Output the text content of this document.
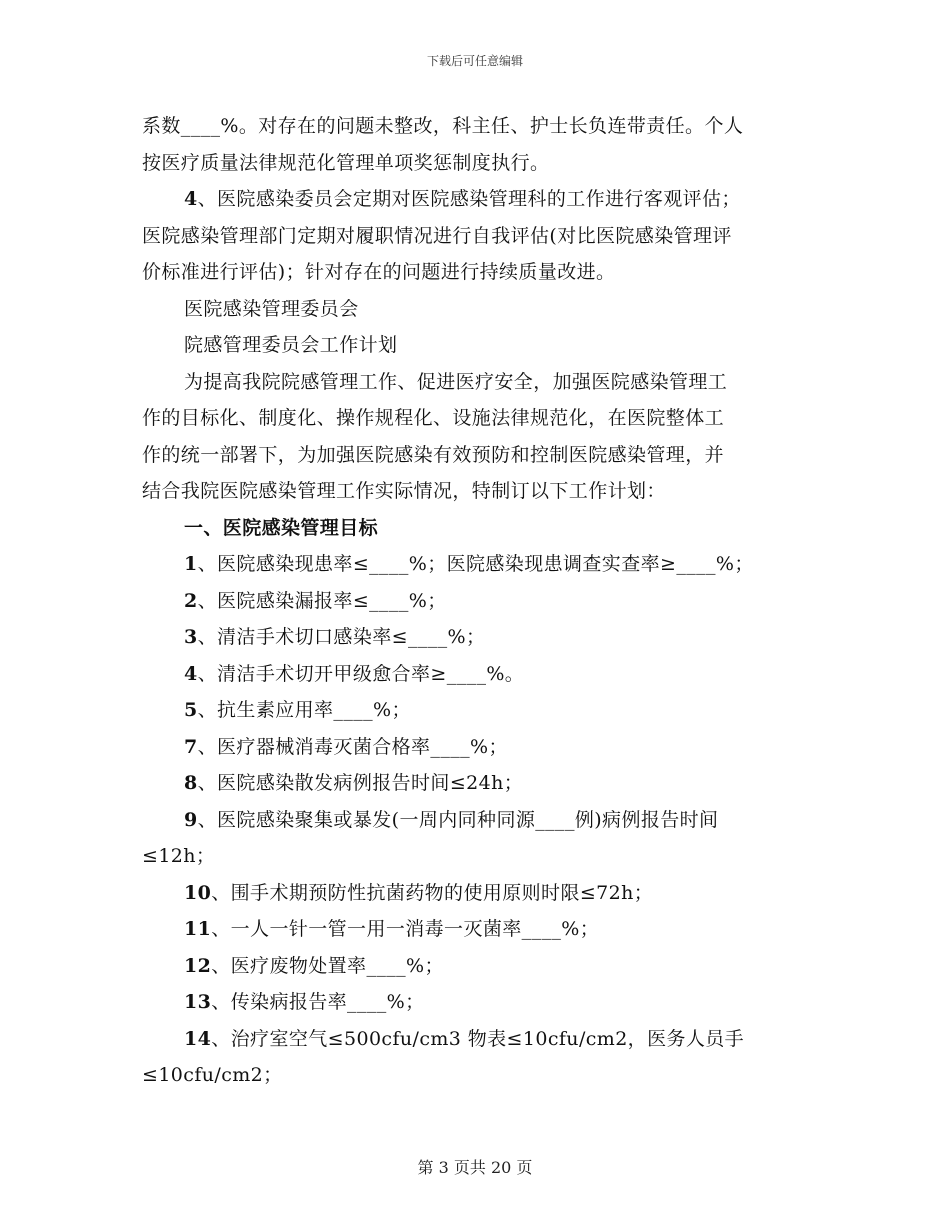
下载后可任意编辑
系数____%。对存在的问题未整改，科主任、护士长负连带责任。个人
按医疗质量法律规范化管理单项奖惩制度执行。
4、医院感染委员会定期对医院感染管理科的工作进行客观评估；
医院感染管理部门定期对履职情况进行自我评估(对比医院感染管理评
价标准进行评估)；针对存在的问题进行持续质量改进。
医院感染管理委员会
院感管理委员会工作计划
为提高我院院感管理工作、促进医疗安全，加强医院感染管理工
作的目标化、制度化、操作规程化、设施法律规范化，在医院整体工
作的统一部署下，为加强医院感染有效预防和控制医院感染管理，并
结合我院医院感染管理工作实际情况，特制订以下工作计划：
一、医院感染管理目标
1、医院感染现患率≤____%；医院感染现患调查实查率≥____%；
2、医院感染漏报率≤____%；
3、清洁手术切口感染率≤____%；
4、清洁手术切开甲级愈合率≥____%。
5、抗生素应用率____%；
7、医疗器械消毒灭菌合格率____%；
8、医院感染散发病例报告时间≤24h；
9、医院感染聚集或暴发(一周内同种同源____例)病例报告时间
≤12h；
10、围手术期预防性抗菌药物的使用原则时限≤72h；
11、一人一针一管一用一消毒一灭菌率____%；
12、医疗废物处置率____%；
13、传染病报告率____%；
14、治疗室空气≤500cfu/cm3 物表≤10cfu/cm2，医务人员手
≤10cfu/cm2；
第 3 页共 20 页
